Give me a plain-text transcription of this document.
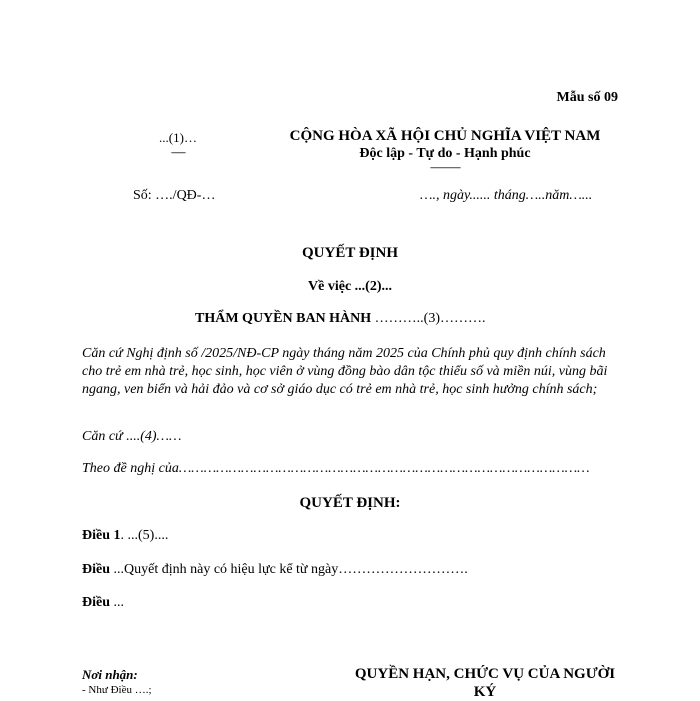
Mẫu số 09
...(1)…
-------
CỘNG HÒA XÃ HỘI CHỦ NGHĨA VIỆT NAM
Độc lập - Tự do - Hạnh phúc
---------------
Số: …./QĐ-…	…., ngày...... tháng…..năm…...
QUYẾT ĐỊNH
Về việc ...(2)...
THẨM QUYỀN BAN HÀNH ………..(3)……….
Căn cứ Nghị định số /2025/NĐ-CP ngày tháng năm 2025 của Chính phủ quy định chính sách cho trẻ em nhà trẻ, học sinh, học viên ở vùng đồng bào dân tộc thiểu số và miền núi, vùng bãi ngang, ven biển và hải đảo và cơ sở giáo dục có trẻ em nhà trẻ, học sinh hưởng chính sách;
Căn cứ ....(4)……
Theo đề nghị của………………………………………………………………………………………
QUYẾT ĐỊNH:
Điều 1. ...(5)....
Điều ...Quyết định này có hiệu lực kể từ ngày……………………….
Điều ...
Nơi nhận:
- Như Điều ….;
QUYỀN HẠN, CHỨC VỤ CỦA NGƯỜI KÝ
